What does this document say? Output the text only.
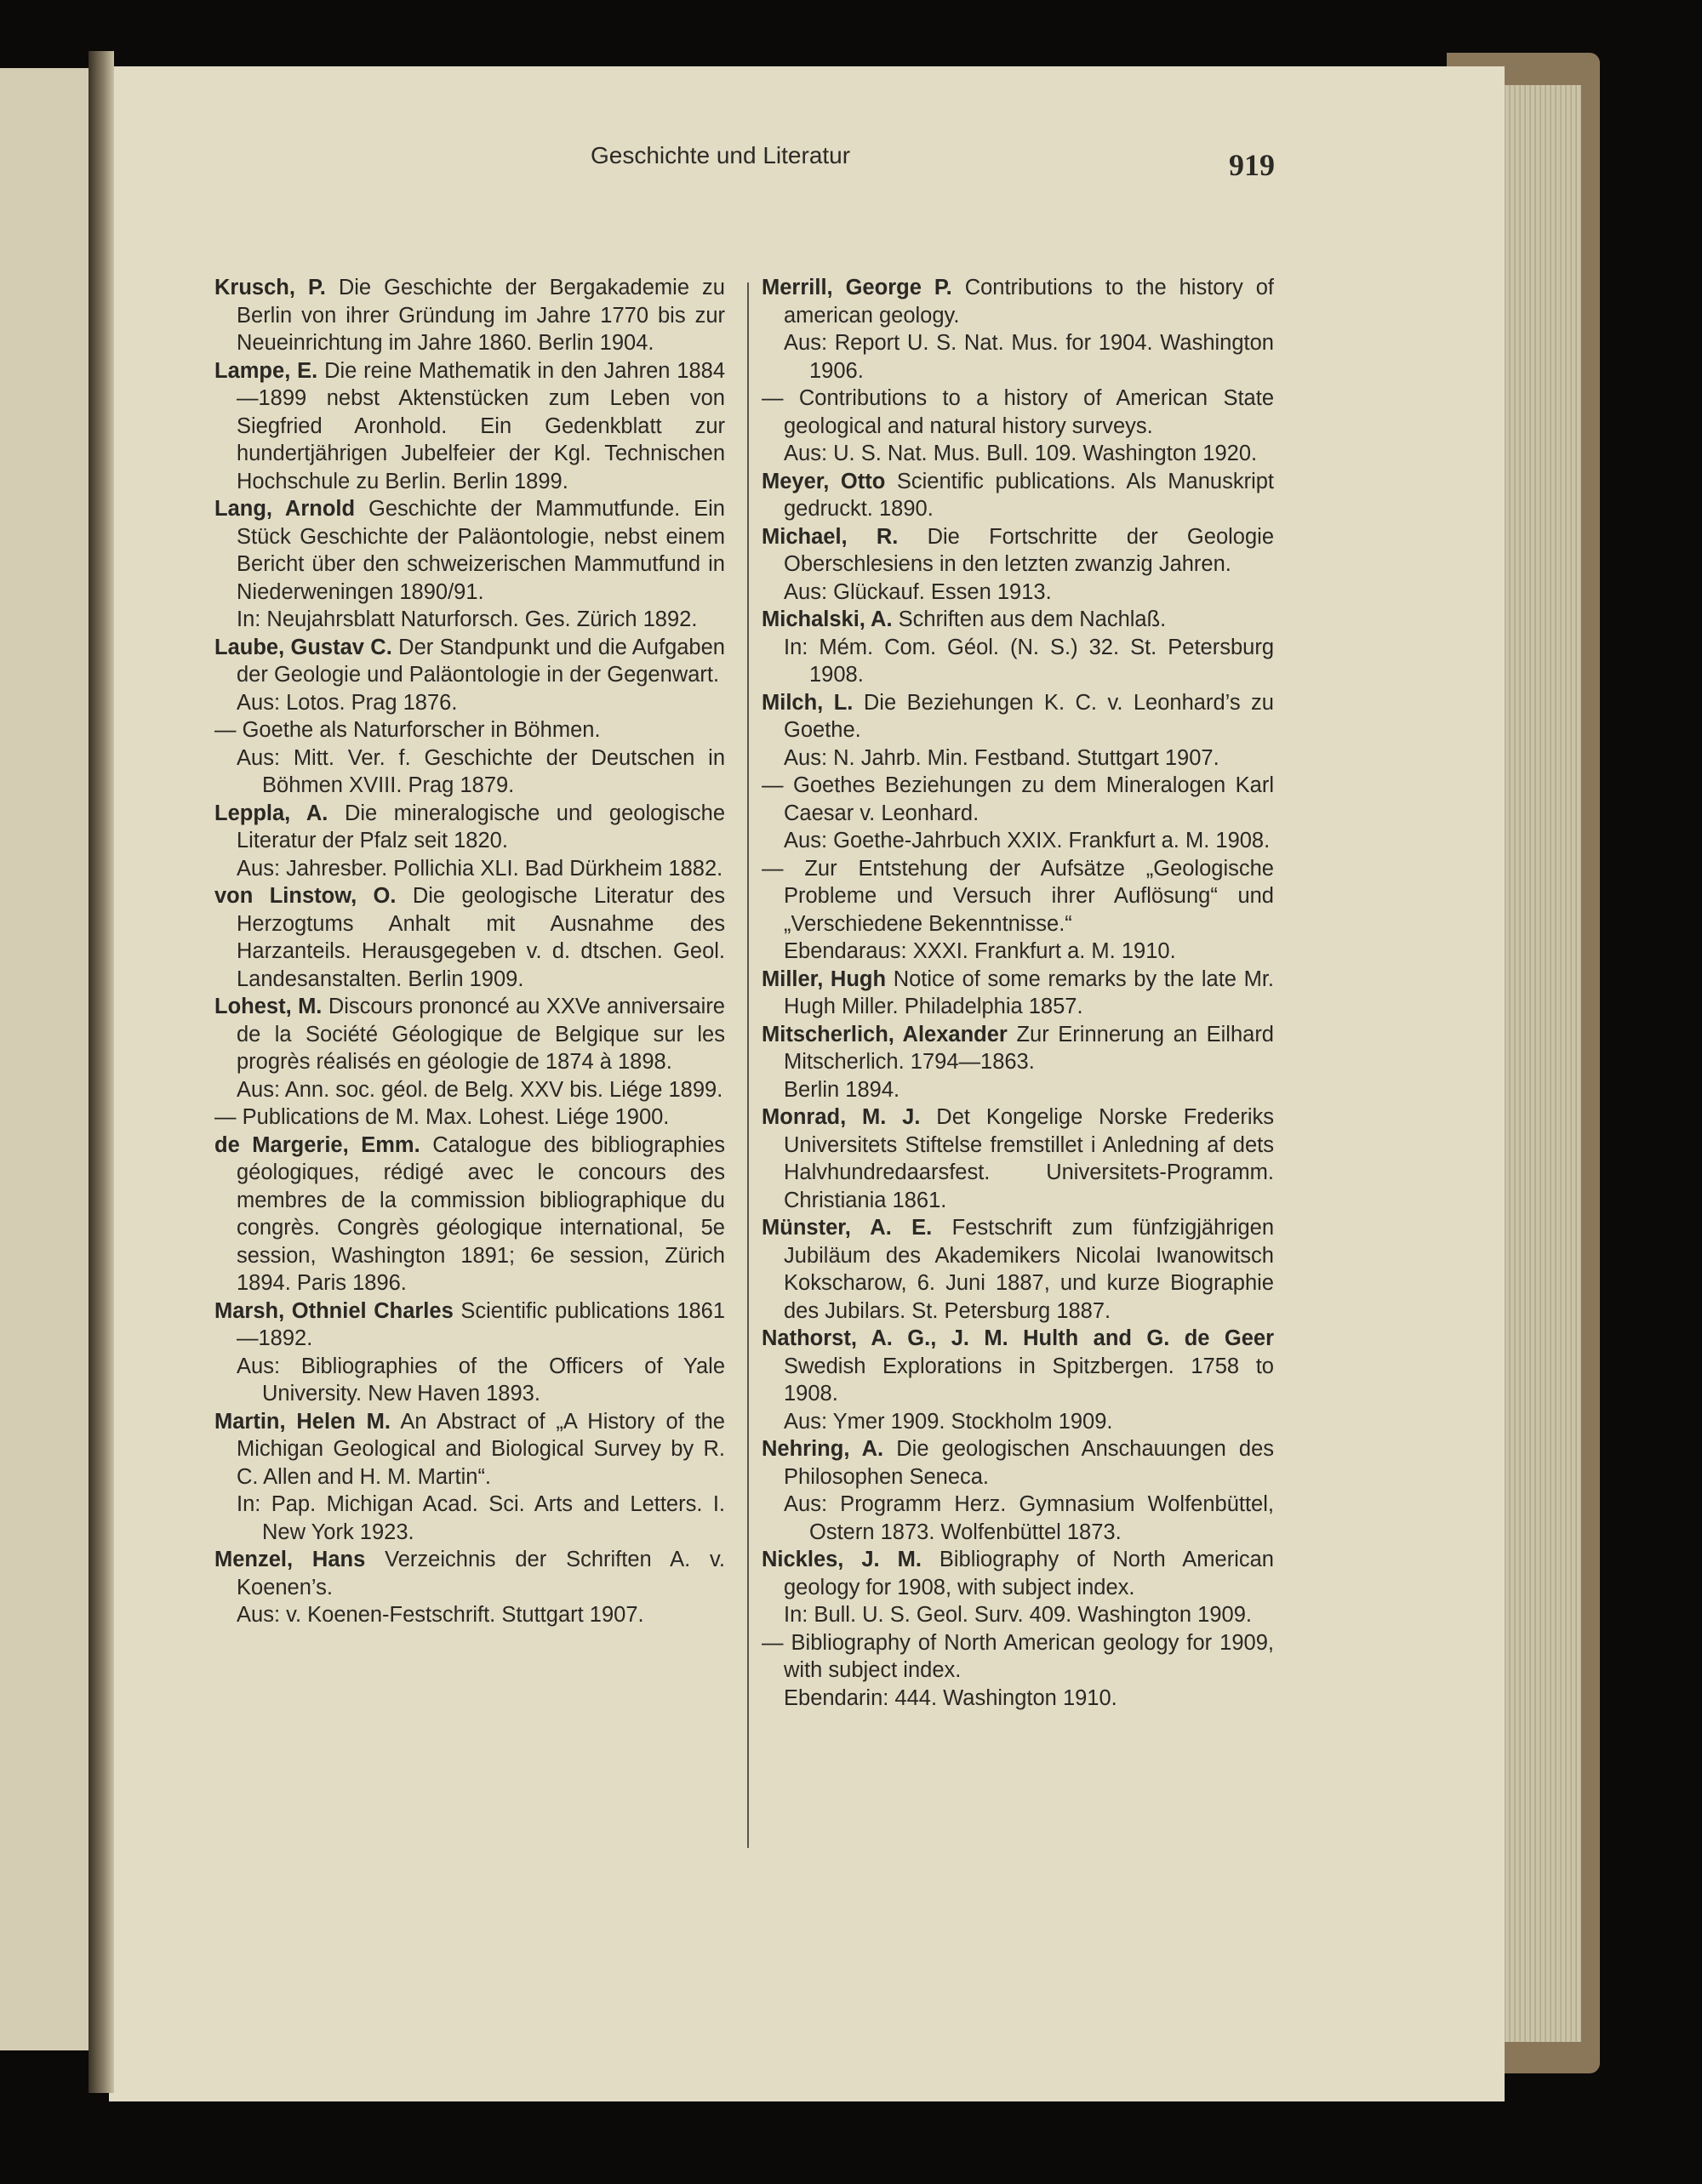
Geschichte und Literatur	919

Krusch, P. Die Geschichte der Bergakademie zu Berlin von ihrer Gründung im Jahre 1770 bis zur Neueinrichtung im Jahre 1860. Berlin 1904.

Lampe, E. Die reine Mathematik in den Jahren 1884—1899 nebst Aktenstücken zum Leben von Siegfried Aronhold. Ein Gedenkblatt zur hundertjährigen Jubelfeier der Kgl. Technischen Hochschule zu Berlin. Berlin 1899.

Lang, Arnold Geschichte der Mammutfunde. Ein Stück Geschichte der Paläontologie, nebst einem Bericht über den schweizerischen Mammutfund in Niederweningen 1890/91.

In: Neujahrsblatt Naturforsch. Ges. Zürich 1892.

Laube, Gustav C. Der Standpunkt und die Aufgaben der Geologie und Paläontologie in der Gegenwart.

Aus: Lotos. Prag 1876.

— Goethe als Naturforscher in Böhmen.

Aus: Mitt. Ver. f. Geschichte der Deutschen in Böhmen XVIII. Prag 1879.

Leppla, A. Die mineralogische und geologische Literatur der Pfalz seit 1820.

Aus: Jahresber. Pollichia XLI. Bad Dürkheim 1882.

von Linstow, O. Die geologische Literatur des Herzogtums Anhalt mit Ausnahme des Harzanteils. Herausgegeben v. d. dtschen. Geol. Landesanstalten. Berlin 1909.

Lohest, M. Discours prononcé au XXVe anniversaire de la Société Géologique de Belgique sur les progrès réalisés en géologie de 1874 à 1898.

Aus: Ann. soc. géol. de Belg. XXV bis. Liége 1899.

— Publications de M. Max. Lohest. Liége 1900.

de Margerie, Emm. Catalogue des bibliographies géologiques, rédigé avec le concours des membres de la commission bibliographique du congrès. Congrès géologique international, 5e session, Washington 1891; 6e session, Zürich 1894. Paris 1896.

Marsh, Othniel Charles Scientific publications 1861—1892.

Aus: Bibliographies of the Officers of Yale University. New Haven 1893.

Martin, Helen M. An Abstract of „A History of the Michigan Geological and Biological Survey by R. C. Allen and H. M. Martin“.

In: Pap. Michigan Acad. Sci. Arts and Letters. I. New York 1923.

Menzel, Hans Verzeichnis der Schriften A. v. Koenen’s.

Aus: v. Koenen-Festschrift. Stuttgart 1907.

Merrill, George P. Contributions to the history of american geology.

Aus: Report U. S. Nat. Mus. for 1904. Washington 1906.

— Contributions to a history of American State geological and natural history surveys.

Aus: U. S. Nat. Mus. Bull. 109. Washington 1920.

Meyer, Otto Scientific publications. Als Manuskript gedruckt. 1890.

Michael, R. Die Fortschritte der Geologie Oberschlesiens in den letzten zwanzig Jahren.

Aus: Glückauf. Essen 1913.

Michalski, A. Schriften aus dem Nachlaß.

In: Mém. Com. Géol. (N. S.) 32. St. Petersburg 1908.

Milch, L. Die Beziehungen K. C. v. Leonhard’s zu Goethe.

Aus: N. Jahrb. Min. Festband. Stuttgart 1907.

— Goethes Beziehungen zu dem Mineralogen Karl Caesar v. Leonhard.

Aus: Goethe-Jahrbuch XXIX. Frankfurt a. M. 1908.

— Zur Entstehung der Aufsätze „Geologische Probleme und Versuch ihrer Auflösung“ und „Verschiedene Bekenntnisse.“

Ebendaraus: XXXI. Frankfurt a. M. 1910.

Miller, Hugh Notice of some remarks by the late Mr. Hugh Miller. Philadelphia 1857.

Mitscherlich, Alexander Zur Erinnerung an Eilhard Mitscherlich. 1794—1863.

Berlin 1894.

Monrad, M. J. Det Kongelige Norske Frederiks Universitets Stiftelse fremstillet i Anledning af dets Halvhundredaarsfest. Universitets-Programm. Christiania 1861.

Münster, A. E. Festschrift zum fünfzigjährigen Jubiläum des Akademikers Nicolai Iwanowitsch Kokscharow, 6. Juni 1887, und kurze Biographie des Jubilars. St. Petersburg 1887.

Nathorst, A. G., J. M. Hulth and G. de Geer Swedish Explorations in Spitzbergen. 1758 to 1908.

Aus: Ymer 1909. Stockholm 1909.

Nehring, A. Die geologischen Anschauungen des Philosophen Seneca.

Aus: Programm Herz. Gymnasium Wolfenbüttel, Ostern 1873. Wolfenbüttel 1873.

Nickles, J. M. Bibliography of North American geology for 1908, with subject index.

In: Bull. U. S. Geol. Surv. 409. Washington 1909.

— Bibliography of North American geology for 1909, with subject index.

Ebendarin: 444. Washington 1910.
